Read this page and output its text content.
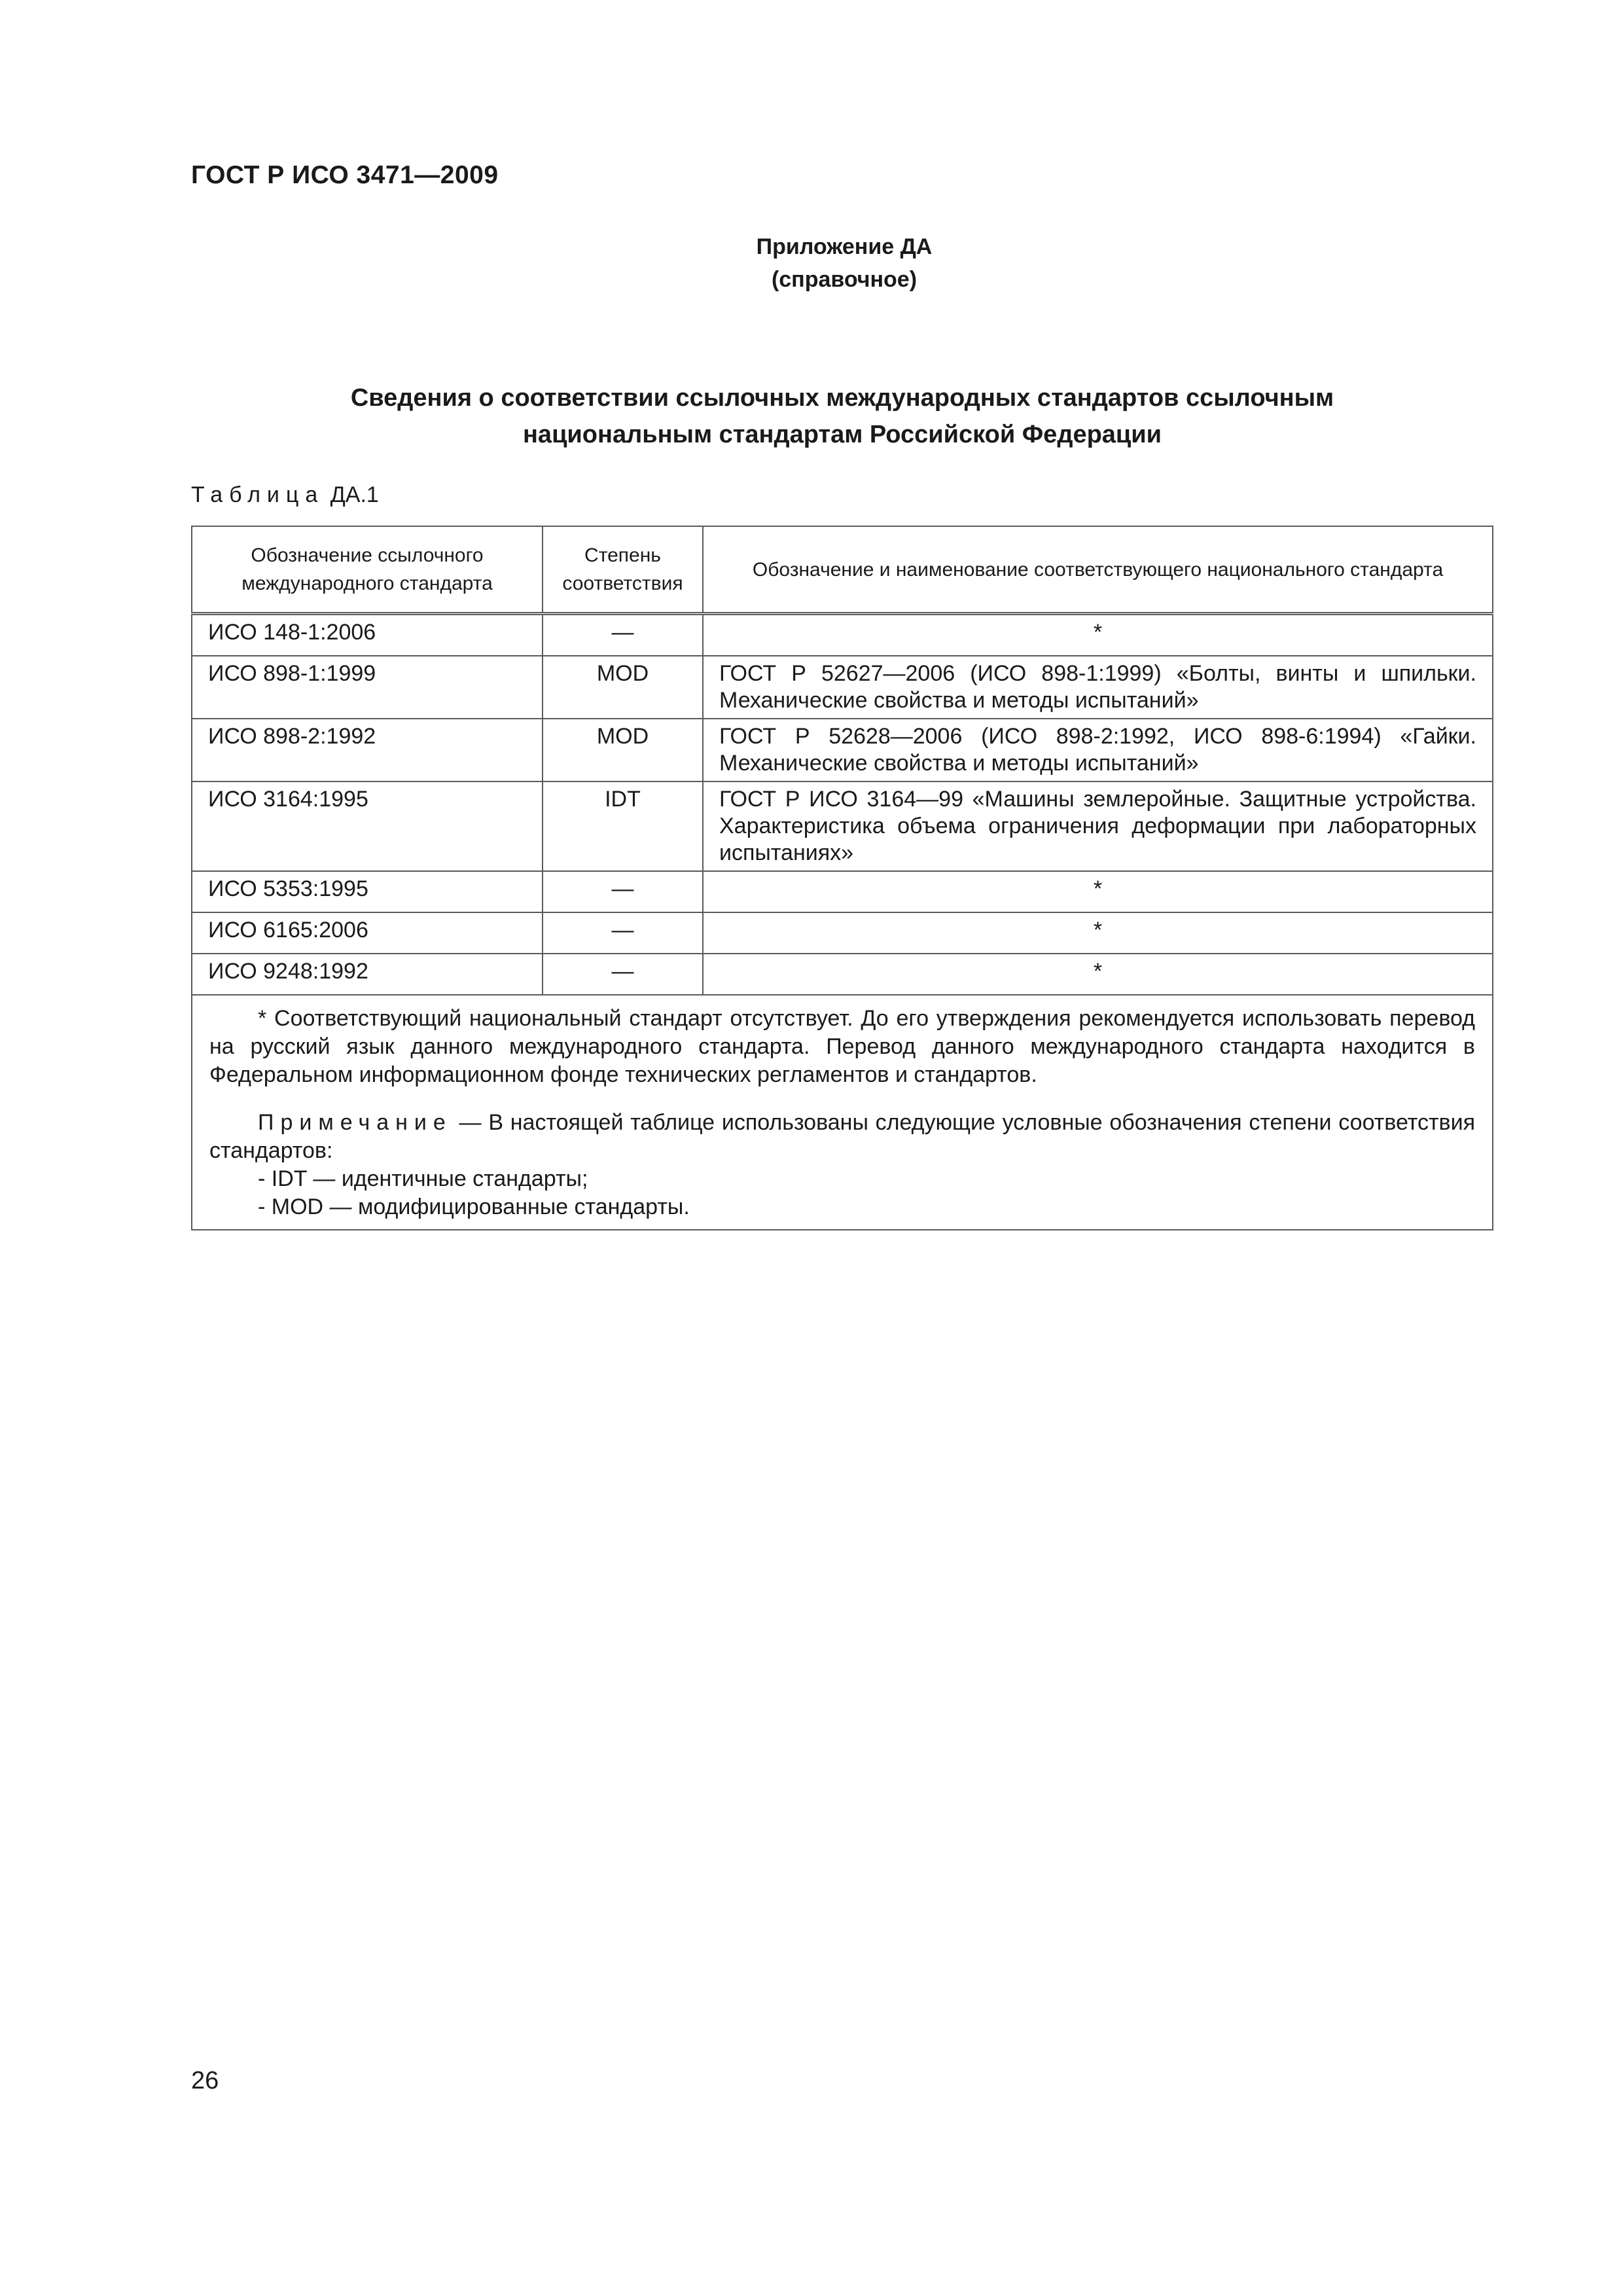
ГОСТ Р ИСО 3471—2009
Приложение ДА
(справочное)
Сведения о соответствии ссылочных международных стандартов ссылочным
национальным стандартам Российской Федерации
Таблица ДА.1
Обозначение ссылочного международного стандарта	Степень соответствия	Обозначение и наименование соответствующего национального стандарта
ИСО 148-1:2006	—	*
ИСО 898-1:1999	MOD	ГОСТ Р 52627—2006 (ИСО 898-1:1999) «Болты, винты и шпильки. Механические свойства и методы испытаний»
ИСО 898-2:1992	MOD	ГОСТ Р 52628—2006 (ИСО 898-2:1992, ИСО 898-6:1994) «Гайки. Механические свойства и методы испытаний»
ИСО 3164:1995	IDT	ГОСТ Р ИСО 3164—99 «Машины землеройные. Защитные устройства. Характеристика объема ограничения деформации при лабораторных испытаниях»
ИСО 5353:1995	—	*
ИСО 6165:2006	—	*
ИСО 9248:1992	—	*

* Соответствующий национальный стандарт отсутствует. До его утверждения рекомендуется использовать перевод на русский язык данного международного стандарта. Перевод данного международного стандарта находится в Федеральном информационном фонде технических регламентов и стандартов.

Примечание — В настоящей таблице использованы следующие условные обозначения степени соответствия стандартов:

- IDT — идентичные стандарты;

- MOD — модифицированные стандарты.		

26
